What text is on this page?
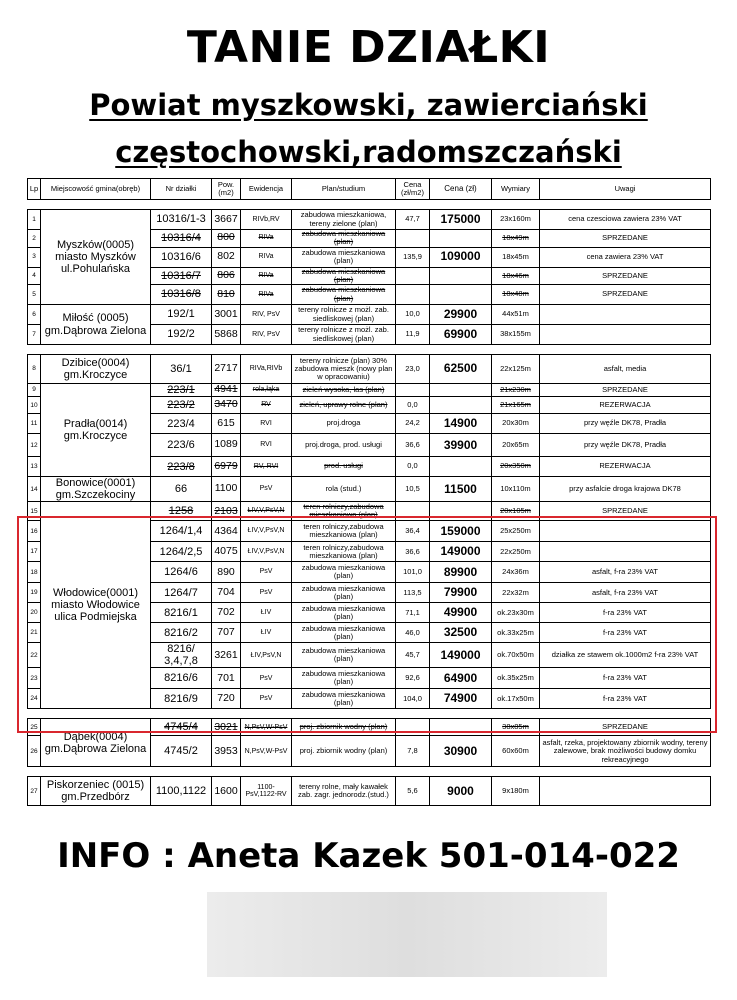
TANIE DZIAŁKI
Powiat myszkowski, zawierciański
częstochowski,radomszczański
Lp	Miejscowość gmina(obręb)	Nr działki	Pow. (m2)	Ewidencja	Plan/studium	Cena (zł/m2)	Cena (zł)	Wymiary	Uwagi

1	Myszków(0005) miasto Myszków ul.Pohulańska	10316/1-3	3667	RIVb,RV	zabudowa mieszkaniowa, tereny zielone (plan)	47,7	175000	23x160m	cena czesciowa zawiera 23% VAT
2		10316/4	800	RIVa	zabudowa mieszkaniowa (plan)			18x49m	SPRZEDANE
3		10316/6	802	RIVa	zabudowa mieszkaniowa (plan)	135,9	109000	18x45m	cena zawiera 23% VAT
4		10316/7	806	RIVa	zabudowa mieszkaniowa (plan)			18x46m	SPRZEDANE
5		10316/8	810	RIVa	zabudowa mieszkaniowa (plan)			18x48m	SPRZEDANE
6	Miłość (0005) gm.Dąbrowa Zielona	192/1	3001	RIV, PsV	tereny rolnicze z możl. zab. siedliskowej (plan)	10,0	29900	44x51m	
7		192/2	5868	RIV, PsV	tereny rolnicze z możl. zab. siedliskowej (plan)	11,9	69900	38x155m	

8	Dzibice(0004) gm.Kroczyce	36/1	2717	RIVa,RIVb	tereny rolnicze (plan) 30% zabudowa mieszk (nowy plan w opracowaniu)	23,0	62500	22x125m	asfalt, media
9	Pradła(0014) gm.Kroczyce	223/1	4941	rola,łąka	zieleń wysoka, las (plan)			21x230m	SPRZEDANE
10		223/2	3470	RV	zieleń, uprawy rolne (plan)	0,0		21x165m	REZERWACJA
11		223/4	615	RVI	proj.droga	24,2	14900	20x30m	przy węźle DK78, Pradła
12		223/6	1089	RVI	proj.droga, prod. usługi	36,6	39900	20x65m	przy węźle DK78, Pradła
13		223/8	6979	RV, RVI	prod. usługi	0,0		20x350m	REZERWACJA
14	Bonowice(0001) gm.Szczekociny	66	1100	PsV	rola (stud.)	10,5	11500	10x110m	przy asfalcie droga krajowa DK78
15	Włodowice(0001) miasto Włodowice ulica Podmiejska	1258	2103	ŁIV,V,PsV,N	teren rolniczy,zabudowa mieszkaniowa (plan)			20x105m	SPRZEDANE
16		1264/1,4	4364	ŁIV,V,PsV,N	teren rolniczy,zabudowa mieszkaniowa (plan)	36,4	159000	25x250m	
17		1264/2,5	4075	ŁIV,V,PsV,N	teren rolniczy,zabudowa mieszkaniowa (plan)	36,6	149000	22x250m	
18		1264/6	890	PsV	zabudowa mieszkaniowa (plan)	101,0	89900	24x36m	asfalt, f-ra 23% VAT
19		1264/7	704	PsV	zabudowa mieszkaniowa (plan)	113,5	79900	22x32m	asfalt, f-ra 23% VAT
20		8216/1	702	ŁIV	zabudowa mieszkaniowa (plan)	71,1	49900	ok.23x30m	f-ra 23% VAT
21		8216/2	707	ŁIV	zabudowa mieszkaniowa (plan)	46,0	32500	ok.33x25m	f-ra 23% VAT
22		8216/ 3,4,7,8	3261	ŁIV,PsV,N	zabudowa mieszkaniowa (plan)	45,7	149000	ok.70x50m	działka ze stawem ok.1000m2 f-ra 23% VAT
23		8216/6	701	PsV	zabudowa mieszkaniowa (plan)	92,6	64900	ok.35x25m	f-ra 23% VAT
24		8216/9	720	PsV	zabudowa mieszkaniowa (plan)	104,0	74900	ok.17x50m	f-ra 23% VAT

25	Dąbek(0004) gm.Dąbrowa Zielona	4745/4	3021	N,PsV,W-PsV	proj. zbiornik wodny (plan)			38x85m	SPRZEDANE
26		4745/2	3953	N,PsV,W-PsV	proj. zbiornik wodny (plan)	7,8	30900	60x60m	asfalt, rzeka, projektowany zbiornik wodny, tereny zalewowe, brak możliwości budowy domku rekreacyjnego

27	Piskorzeniec (0015) gm.Przedbórz	1100,1122	1600	1100-PsV,1122-RV	tereny rolne, mały kawałek zab. zagr. jednorodz.(stud.)	5,6	9000	9x180m	
INFO : Aneta Kazek 501-014-022
